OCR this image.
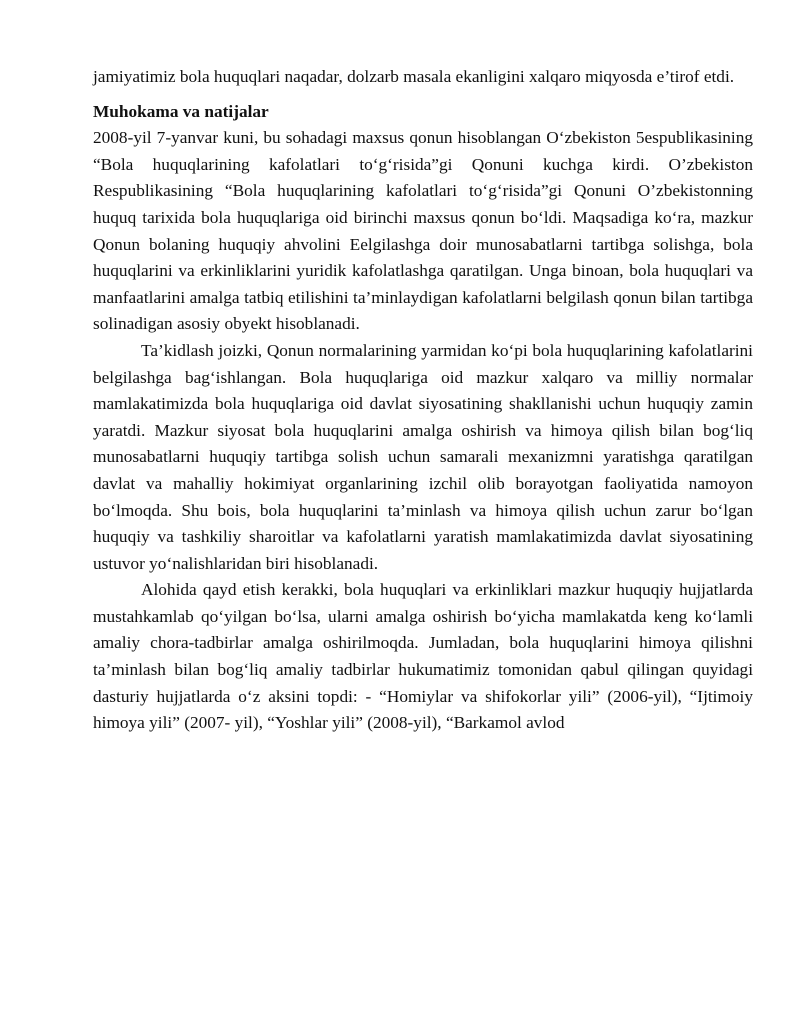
jamiyatimiz bola huquqlari naqadar, dolzarb masala ekanligini xalqaro miqyosda e’tirof etdi.

Muhokama va natijalar

2008-yil 7-yanvar kuni, bu sohadagi maxsus qonun hisoblangan O‘zbekiston 5espublikasining “Bola huquqlarining kafolatlari to‘g‘risida”gi Qonuni kuchga kirdi. O’zbekiston Respublikasining “Bola huquqlarining kafolatlari to‘g‘risida”gi Qonuni O’zbekistonning huquq tarixida bola huquqlariga oid birinchi maxsus qonun bo‘ldi. Maqsadiga ko‘ra, mazkur Qonun bolaning huquqiy ahvolini Eelgilashga doir munosabatlarni tartibga solishga, bola huquqlarini va erkinliklarini yuridik kafolatlashga qaratilgan. Unga binoan, bola huquqlari va manfaatlarini amalga tatbiq etilishini ta’minlaydigan kafolatlarni belgilash qonun bilan tartibga solinadigan asosiy obyekt hisoblanadi.

Ta’kidlash joizki, Qonun normalarining yarmidan ko‘pi bola huquqlarining kafolatlarini belgilashga bag‘ishlangan. Bola huquqlariga oid mazkur xalqaro va milliy normalar mamlakatimizda bola huquqlariga oid davlat siyosatining shakllanishi uchun huquqiy zamin yaratdi. Mazkur siyosat bola huquqlarini amalga oshirish va himoya qilish bilan bog‘liq munosabatlarni huquqiy tartibga solish uchun samarali mexanizmni yaratishga qaratilgan davlat va mahalliy hokimiyat organlarining izchil olib borayotgan faoliyatida namoyon bo‘lmoqda. Shu bois, bola huquqlarini ta’minlash va himoya qilish uchun zarur bo‘lgan huquqiy va tashkiliy sharoitlar va kafolatlarni yaratish mamlakatimizda davlat siyosatining ustuvor yo‘nalishlaridan biri hisoblanadi.

Alohida qayd etish kerakki, bola huquqlari va erkinliklari mazkur huquqiy hujjatlarda mustahkamlab qo‘yilgan bo‘lsa, ularni amalga oshirish bo‘yicha mamlakatda keng ko‘lamli amaliy chora-tadbirlar amalga oshirilmoqda. Jumladan, bola huquqlarini himoya qilishni ta’minlash bilan bog‘liq amaliy tadbirlar hukumatimiz tomonidan qabul qilingan quyidagi dasturiy hujjatlarda o‘z aksini topdi: - “Homiylar va shifokorlar yili” (2006-yil), “Ijtimoiy himoya yili” (2007- yil), “Yoshlar yili” (2008-yil), “Barkamol avlod
